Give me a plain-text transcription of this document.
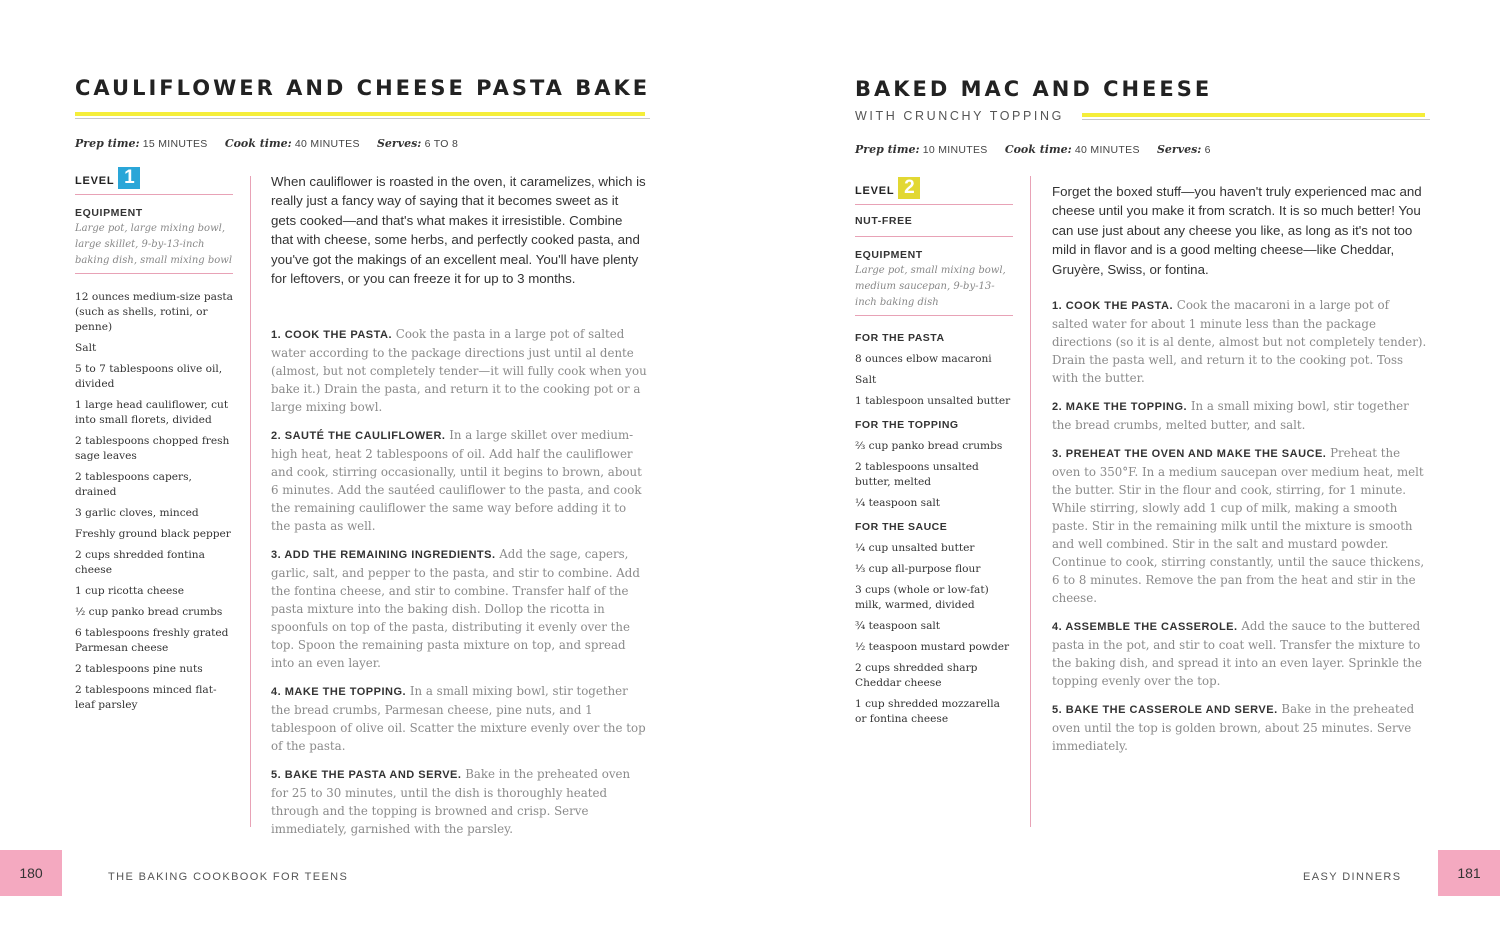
CAULIFLOWER AND CHEESE PASTA BAKE
Prep time: 15 MINUTES Cook time: 40 MINUTES Serves: 6 TO 8
LEVEL 1
EQUIPMENT
Large pot, large mixing bowl, large skillet, 9-by-13-inch baking dish, small mixing bowl
12 ounces medium-size pasta (such as shells, rotini, or penne)
Salt
5 to 7 tablespoons olive oil, divided
1 large head cauliflower, cut into small florets, divided
2 tablespoons chopped fresh sage leaves
2 tablespoons capers, drained
3 garlic cloves, minced
Freshly ground black pepper
2 cups shredded fontina cheese
1 cup ricotta cheese
½ cup panko bread crumbs
6 tablespoons freshly grated Parmesan cheese
2 tablespoons pine nuts
2 tablespoons minced flat-leaf parsley
When cauliflower is roasted in the oven, it caramelizes, which is really just a fancy way of saying that it becomes sweet as it gets cooked—and that's what makes it irresistible. Combine that with cheese, some herbs, and perfectly cooked pasta, and you've got the makings of an excellent meal. You'll have plenty for leftovers, or you can freeze it for up to 3 months.
1. COOK THE PASTA. Cook the pasta in a large pot of salted water according to the package directions just until al dente (almost, but not completely tender—it will fully cook when you bake it.) Drain the pasta, and return it to the cooking pot or a large mixing bowl.
2. SAUTÉ THE CAULIFLOWER. In a large skillet over medium-high heat, heat 2 tablespoons of oil. Add half the cauliflower and cook, stirring occasionally, until it begins to brown, about 6 minutes. Add the sautéed cauliflower to the pasta, and cook the remaining cauliflower the same way before adding it to the pasta as well.
3. ADD THE REMAINING INGREDIENTS. Add the sage, capers, garlic, salt, and pepper to the pasta, and stir to combine. Add the fontina cheese, and stir to combine. Transfer half of the pasta mixture into the baking dish. Dollop the ricotta in spoonfuls on top of the pasta, distributing it evenly over the top. Spoon the remaining pasta mixture on top, and spread into an even layer.
4. MAKE THE TOPPING. In a small mixing bowl, stir together the bread crumbs, Parmesan cheese, pine nuts, and 1 tablespoon of olive oil. Scatter the mixture evenly over the top of the pasta.
5. BAKE THE PASTA AND SERVE. Bake in the preheated oven for 25 to 30 minutes, until the dish is thoroughly heated through and the topping is browned and crisp. Serve immediately, garnished with the parsley.
180	THE BAKING COOKBOOK FOR TEENS
BAKED MAC AND CHEESE
WITH CRUNCHY TOPPING
Prep time: 10 MINUTES Cook time: 40 MINUTES Serves: 6
LEVEL 2
NUT-FREE
EQUIPMENT
Large pot, small mixing bowl, medium saucepan, 9-by-13-inch baking dish
FOR THE PASTA
8 ounces elbow macaroni
Salt
1 tablespoon unsalted butter
FOR THE TOPPING
⅔ cup panko bread crumbs
2 tablespoons unsalted butter, melted
¼ teaspoon salt
FOR THE SAUCE
¼ cup unsalted butter
⅓ cup all-purpose flour
3 cups (whole or low-fat) milk, warmed, divided
¾ teaspoon salt
½ teaspoon mustard powder
2 cups shredded sharp Cheddar cheese
1 cup shredded mozzarella or fontina cheese
Forget the boxed stuff—you haven't truly experienced mac and cheese until you make it from scratch. It is so much better! You can use just about any cheese you like, as long as it's not too mild in flavor and is a good melting cheese—like Cheddar, Gruyère, Swiss, or fontina.
1. COOK THE PASTA. Cook the macaroni in a large pot of salted water for about 1 minute less than the package directions (so it is al dente, almost but not completely tender). Drain the pasta well, and return it to the cooking pot. Toss with the butter.
2. MAKE THE TOPPING. In a small mixing bowl, stir together the bread crumbs, melted butter, and salt.
3. PREHEAT THE OVEN AND MAKE THE SAUCE. Preheat the oven to 350°F. In a medium saucepan over medium heat, melt the butter. Stir in the flour and cook, stirring, for 1 minute. While stirring, slowly add 1 cup of milk, making a smooth paste. Stir in the remaining milk until the mixture is smooth and well combined. Stir in the salt and mustard powder. Continue to cook, stirring constantly, until the sauce thickens, 6 to 8 minutes. Remove the pan from the heat and stir in the cheese.
4. ASSEMBLE THE CASSEROLE. Add the sauce to the buttered pasta in the pot, and stir to coat well. Transfer the mixture to the baking dish, and spread it into an even layer. Sprinkle the topping evenly over the top.
5. BAKE THE CASSEROLE AND SERVE. Bake in the preheated oven until the top is golden brown, about 25 minutes. Serve immediately.
EASY DINNERS	181
